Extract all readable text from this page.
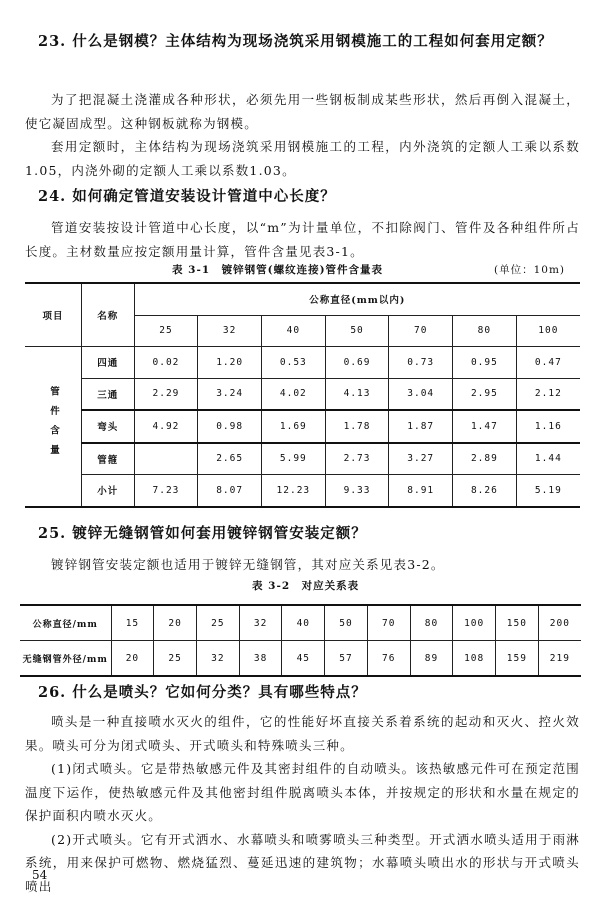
23. 什么是钢模？主体结构为现场浇筑采用钢模施工的工程如何套用定额？
为了把混凝土浇灌成各种形状，必须先用一些钢板制成某些形状，然后再倒入混凝土，使它凝固成型。这种钢板就称为钢模。
套用定额时，主体结构为现场浇筑采用钢模施工的工程，内外浇筑的定额人工乘以系数1.05，内浇外砌的定额人工乘以系数1.03。
24. 如何确定管道安装设计管道中心长度？
管道安装按设计管道中心长度，以“m”为计量单位，不扣除阀门、管件及各种组件所占长度。主材数量应按定额用量计算，管件含量见表3-1。
表 3-1　镀锌钢管(螺纹连接)管件含量表	(单位：10m)
项目	名称	公称直径(mm以内)						
		25	32	40	50	70	80	100
管件含量	四通	0.02	1.20	0.53	0.69	0.73	0.95	0.47
	三通	2.29	3.24	4.02	4.13	3.04	2.95	2.12
	弯头	4.92	0.98	1.69	1.78	1.87	1.47	1.16
	管箍		2.65	5.99	2.73	3.27	2.89	1.44
	小计	7.23	8.07	12.23	9.33	8.91	8.26	5.19
25. 镀锌无缝钢管如何套用镀锌钢管安装定额？
镀锌钢管安装定额也适用于镀锌无缝钢管，其对应关系见表3-2。
表 3-2　对应关系表
公称直径/mm	15	20	25	32	40	50	70	80	100	150	200
无缝钢管外径/mm	20	25	32	38	45	57	76	89	108	159	219
26. 什么是喷头？它如何分类？具有哪些特点？
喷头是一种直接喷水灭火的组件，它的性能好坏直接关系着系统的起动和灭火、控火效果。喷头可分为闭式喷头、开式喷头和特殊喷头三种。
(1)闭式喷头。它是带热敏感元件及其密封组件的自动喷头。该热敏感元件可在预定范围温度下运作，使热敏感元件及其他密封组件脱离喷头本体，并按规定的形状和水量在规定的保护面积内喷水灭火。
(2)开式喷头。它有开式洒水、水幕喷头和喷雾喷头三种类型。开式洒水喷头适用于雨淋系统，用来保护可燃物、燃烧猛烈、蔓延迅速的建筑物；水幕喷头喷出水的形状与开式喷头喷出
54
